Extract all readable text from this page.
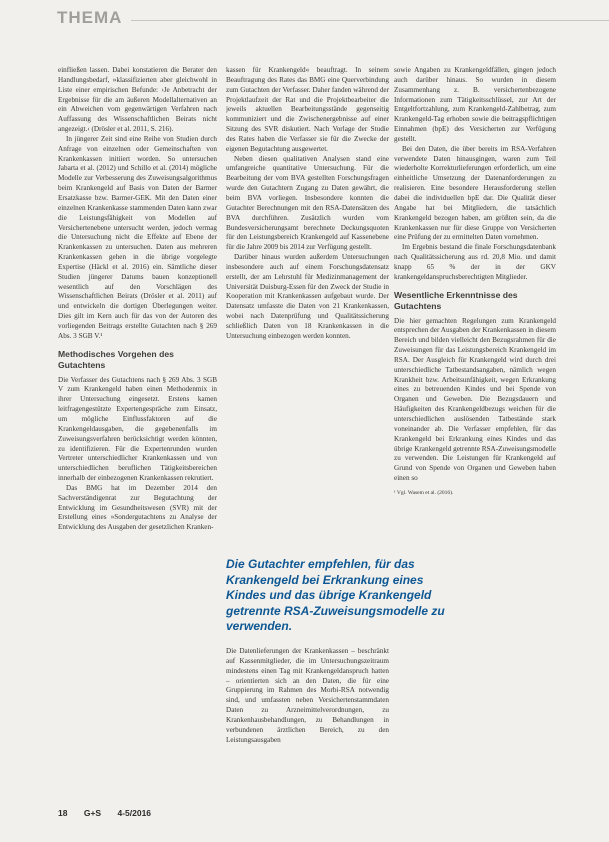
THEMA

einfließen lassen. Dabei konstatieren die Berater den Handlungsbedarf, »klassifizierten aber gleichwohl in Liste einer empirischen Befunde: ›Je Anbetracht der Ergebnisse für die am äußeren Modellalternativen an ein Abweichen vom gegenwärtigen Verfahren nach Auffassung des Wissenschaftlichen Beirats nicht angezeigt.‹ (Drösler et al. 2011, S. 216).

In jüngerer Zeit sind eine Reihe von Studien durch Anfrage von einzelnen oder Gemeinschaften von Krankenkassen initiiert worden. So untersuchen Jabarta et al. (2012) und Schillo et al. (2014) mögliche Modelle zur Verbesserung des Zuweisungsalgorithmus beim Krankengeld auf Basis von Daten der Barmer Ersatzkasse bzw. Barmer-GEK. Mit den Daten einer einzelnen Krankenkasse stammenden Daten kann zwar die Leistungsfähigkeit von Modellen auf Versichertenebene untersucht werden, jedoch vermag die Untersuchung nicht die Effekte auf Ebene der Krankenkassen zu untersuchen. Daten aus mehreren Krankenkassen gehen in die übrige vorgelegte Expertise (Häckl et al. 2016) ein. Sämtliche dieser Studien jüngerer Datums bauen konzeptionell wesentlich auf den Vorschlägen des Wissenschaftlichen Beirats (Drösler et al. 2011) auf und entwickeln die dortigen Überlegungen weiter. Dies gilt im Kern auch für das von der Autoren des vorliegenden Beitrags erstellte Gutachten nach § 269 Abs. 3 SGB V.¹

Methodisches Vorgehen des Gutachtens

Die Verfasser des Gutachtens nach § 269 Abs. 3 SGB V zum Krankengeld haben einen Methodenmix in ihrer Untersuchung eingesetzt. Erstens kamen leitfragengestützte Expertengespräche zum Einsatz, um mögliche Einflussfaktoren auf die Krankengeldausgaben, die gegebenenfalls im Zuweisungsverfahren berücksichtigt werden könnten, zu identifizieren. Für die Expertenrunden wurden Vertreter unterschiedlicher Krankenkassen und von unterschiedlichen beruflichen Tätigkeitsbereichen innerhalb der einbezogenen Krankenkassen rekrutiert.

Das BMG hat im Dezember 2014 den Sachverständigenrat zur Begutachtung der Entwicklung im Gesundheitswesen (SVR) mit der Erstellung eines »Sondergutachtens zu Analyse der Entwicklung des Ausgaben der gesetzlichen Kranken-

kassen für Krankengeld« beauftragt. In seinem Beauftragung des Rates das BMG eine Querverbindung zum Gutachten der Verfasser. Daher fanden während der Projektlaufzeit der Rat und die Projektbearbeiter die jeweils aktuellen Bearbeitungsstände gegenseitig kommuniziert und die Zwischenergebnisse auf einer Sitzung des SVR diskutiert. Nach Vorlage der Studie des Rates haben die Verfasser sie für die Zwecke der eigenen Begutachtung ausgewertet.

Neben diesen qualitativen Analysen stand eine umfangreiche quantitative Untersuchung. Für die Bearbeitung der vom BVA gestellten Forschungsfragen wurde den Gutachtern Zugang zu Daten gewährt, die beim BVA vorliegen. Insbesondere konnten die Gutachter Berechnungen mit den RSA-Datensätzen des BVA durchführen. Zusätzlich wurden vom Bundesversicherungsamt berechnete Deckungsquoten für den Leistungsbereich Krankengeld auf Kassenebene für die Jahre 2009 bis 2014 zur Verfügung gestellt.

Darüber hinaus wurden außerdem Untersuchungen insbesondere auch auf einem Forschungsdatensatz erstellt, der am Lehrstuhl für Medizinmanagement der Universität Duisburg-Essen für den Zweck der Studie in Kooperation mit Krankenkassen aufgebaut wurde. Der Datensatz umfasste die Daten von 21 Krankenkassen, wobei nach Datenprüfung und Qualitätssicherung schließlich Daten von 18 Krankenkassen in die Untersuchung einbezogen werden konnten.

Die Gutachter empfehlen, für das Krankengeld bei Erkrankung eines Kindes und das übrige Krankengeld getrennte RSA-Zuweisungsmodelle zu verwenden.

Die Datenlieferungen der Krankenkassen – beschränkt auf Kassenmitglieder, die im Untersuchungszeitraum mindestens einen Tag mit Krankengeldanspruch hatten – orientierten sich an den Daten, die für eine Gruppierung im Rahmen des Morbi-RSA notwendig sind, und umfassten neben Versichertenstammdaten Daten zu Arzneimittelverordnungen, zu Krankenhausbehandlungen, zu Behandlungen in verbundenen ärztlichen Bereich, zu den Leistungsausgaben

sowie Angaben zu Krankengeldfällen, gingen jedoch auch darüber hinaus. So wurden in diesem Zusammenhang z. B. versichertenbezogene Informationen zum Tätigkeitsschlüssel, zur Art der Entgeltfortzahlung, zum Krankengeld-Zahlbetrag, zum Krankengeld-Tag erhoben sowie die beitragspflichtigen Einnahmen (bpE) des Versicherten zur Verfügung gestellt.

Bei den Daten, die über bereits im RSA-Verfahren verwendete Daten hinausgingen, waren zum Teil wiederholte Korrekturlieferungen erforderlich, um eine einheitliche Umsetzung der Datenanforderungen zu realisieren. Eine besondere Herausforderung stellen dabei die individuellen bpE dar. Die Qualität dieser Angabe hat bei Mitgliedern, die tatsächlich Krankengeld bezogen haben, am größten sein, da die Krankenkassen nur für diese Gruppe von Versicherten eine Prüfung der zu ermittelten Daten vornehmen.

Im Ergebnis bestand die finale Forschungsdatenbank nach Qualitätssicherung aus rd. 20,8 Mio. und damit knapp 65 % der in der GKV krankengeldanspruchsberechtigten Mitglieder.

Wesentliche Erkenntnisse des Gutachtens

Die hier gemachten Regelungen zum Krankengeld entsprechen der Ausgaben der Krankenkassen in diesem Bereich und bilden vielleicht den Bezugsrahmen für die Zuweisungen für das Leistungsbereich Krankengeld im RSA. Der Ausgleich für Krankengeld wird durch drei unterschiedliche Tatbestandsangaben, nämlich wegen Krankheit bzw. Arbeitsunfähigkeit, wegen Erkrankung eines zu betreuenden Kindes und bei Spende von Organen und Geweben. Die Bezugsdauern und Häufigkeiten des Krankengeldbezugs weichen für die unterschiedlichen auslösenden Tatbestände stark voneinander ab. Die Verfasser empfehlen, für das Krankengeld bei Erkrankung eines Kindes und das übrige Krankengeld getrennte RSA-Zuweisungsmodelle zu verwenden. Die Leistungen für Krankengeld auf Grund von Spende von Organen und Geweben haben einen so

¹ Vgl. Wasem et al. (2016).

18 G+S 4-5/2016
